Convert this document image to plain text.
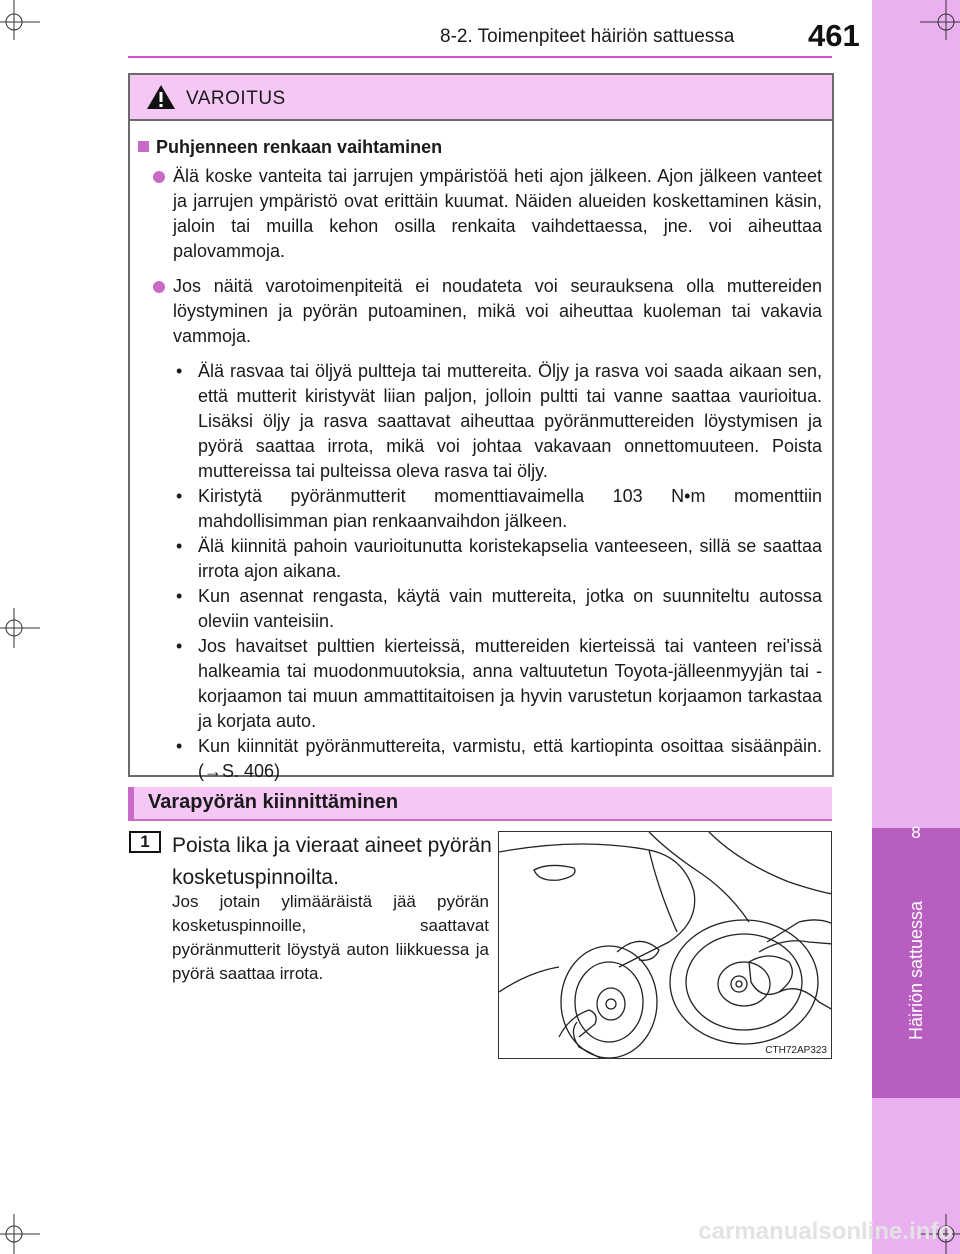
8
Häiriön sattuessa
8-2. Toimenpiteet häiriön sattuessa 461
VAROITUS
Puhjenneen renkaan vaihtaminen
Älä koske vanteita tai jarrujen ympäristöä heti ajon jälkeen. Ajon jälkeen vanteet ja jarrujen ympäristö ovat erittäin kuumat. Näiden alueiden koskettaminen käsin, jaloin tai muilla kehon osilla renkaita vaihdettaessa, jne. voi aiheuttaa palovammoja.
Jos näitä varotoimenpiteitä ei noudateta voi seurauksena olla muttereiden löystyminen ja pyörän putoaminen, mikä voi aiheuttaa kuoleman tai vakavia vammoja.
• Älä rasvaa tai öljyä pultteja tai muttereita. Öljy ja rasva voi saada aikaan sen, että mutterit kiristyvät liian paljon, jolloin pultti tai vanne saattaa vaurioitua. Lisäksi öljy ja rasva saattavat aiheuttaa pyöränmuttereiden löystymisen ja pyörä saattaa irrota, mikä voi johtaa vakavaan onnettomuuteen. Poista muttereissa tai pulteissa oleva rasva tai öljy.
• Kiristytä pyöränmutterit momenttiavaimella 103 N•m momenttiin mahdollisimman pian renkaanvaihdon jälkeen.
• Älä kiinnitä pahoin vaurioitunutta koristekapselia vanteeseen, sillä se saattaa irrota ajon aikana.
• Kun asennat rengasta, käytä vain muttereita, jotka on suunniteltu autossa oleviin vanteisiin.
• Jos havaitset pulttien kierteissä, muttereiden kierteissä tai vanteen rei'issä halkeamia tai muodonmuutoksia, anna valtuutetun Toyota-jälleenmyyjän tai -korjaamon tai muun ammattitaitoisen ja hyvin varustetun korjaamon tarkastaa ja korjata auto.
• Kun kiinnität pyöränmuttereita, varmistu, että kartiopinta osoittaa sisäänpäin. (→S. 406)
Varapyörän kiinnittäminen
1	Poista lika ja vieraat aineet pyörän kosketuspinnoilta.
Jos jotain ylimääräistä jää pyörän kosketuspinnoille, saattavat pyöränmutterit löystyä auton liikkuessa ja pyörä saattaa irrota.
CTH72AP323
carmanualsonline.info
